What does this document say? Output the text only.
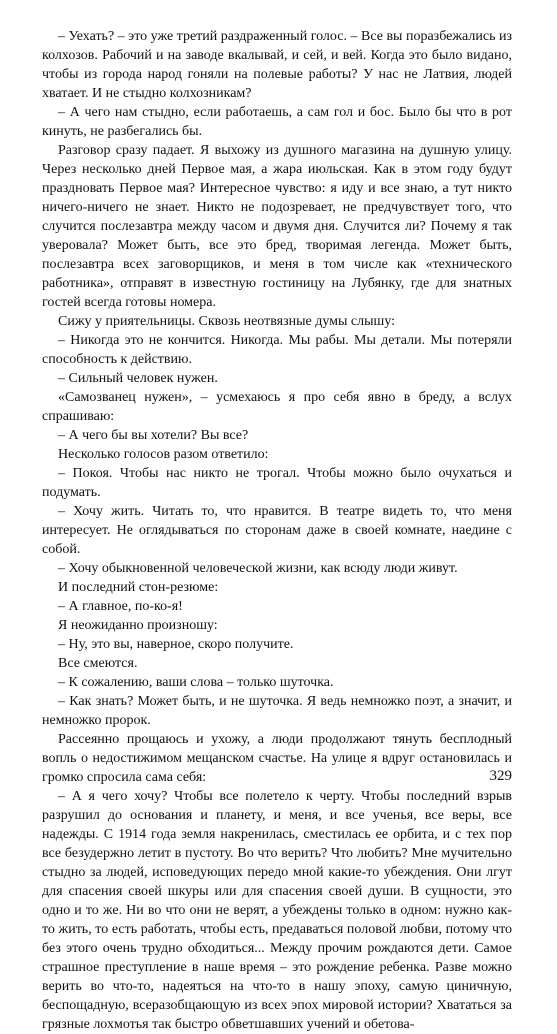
– Уехать? – это уже третий раздраженный голос. – Все вы поразбежались из колхозов. Рабочий и на заводе вкалывай, и сей, и вей. Когда это было видано, чтобы из города народ гоняли на полевые работы? У нас не Латвия, людей хватает. И не стыдно колхозникам?

– А чего нам стыдно, если работаешь, а сам гол и бос. Было бы что в рот кинуть, не разбегались бы.

Разговор сразу падает. Я выхожу из душного магазина на душную улицу. Через несколько дней Первое мая, а жара июльская. Как в этом году будут праздновать Первое мая? Интересное чувство: я иду и все знаю, а тут никто ничего-ничего не знает. Никто не подозревает, не предчувствует того, что случится послезавтра между часом и двумя дня. Случится ли? Почему я так уверовала? Может быть, все это бред, творимая легенда. Может быть, послезавтра всех заговорщиков, и меня в том числе как «технического работника», отправят в известную гостиницу на Лубянку, где для знатных гостей всегда готовы номера.

Сижу у приятельницы. Сквозь неотвязные думы слышу:

– Никогда это не кончится. Никогда. Мы рабы. Мы детали. Мы потеряли способность к действию.

– Сильный человек нужен.

«Самозванец нужен», – усмехаюсь я про себя явно в бреду, а вслух спрашиваю:

– А чего бы вы хотели? Вы все?

Несколько голосов разом ответило:

– Покоя. Чтобы нас никто не трогал. Чтобы можно было очухаться и подумать.

– Хочу жить. Читать то, что нравится. В театре видеть то, что меня интересует. Не оглядываться по сторонам даже в своей комнате, наедине с собой.

– Хочу обыкновенной человеческой жизни, как всюду люди живут.

И последний стон-резюме:

– А главное, по-ко-я!

Я неожиданно произношу:

– Ну, это вы, наверное, скоро получите.

Все смеются.

– К сожалению, ваши слова – только шуточка.

– Как знать? Может быть, и не шуточка. Я ведь немножко поэт, а значит, и немножко пророк.

Рассеянно прощаюсь и ухожу, а люди продолжают тянуть бесплодный вопль о недостижимом мещанском счастье. На улице я вдруг остановилась и громко спросила сама себя:

– А я чего хочу? Чтобы все полетело к черту. Чтобы последний взрыв разрушил до основания и планету, и меня, и все ученья, все веры, все надежды. С 1914 года земля накренилась, сместилась ее орбита, и с тех пор все безудержно летит в пустоту. Во что верить? Что любить? Мне мучительно стыдно за людей, исповедующих передо мной какие-то убеждения. Они лгут для спасения своей шкуры или для спасения своей души. В сущности, это одно и то же. Ни во что они не верят, а убеждены только в одном: нужно как-то жить, то есть работать, чтобы есть, предаваться половой любви, потому что без этого очень трудно обходиться... Между прочим рождаются дети. Самое страшное преступление в наше время – это рождение ребенка. Разве можно верить во что-то, надеяться на что-то в нашу эпоху, самую циничную, беспощадную, всеразобщающую из всех эпох мировой истории? Хвататься за грязные лохмотья так быстро обветшавших учений и обетова-

329
